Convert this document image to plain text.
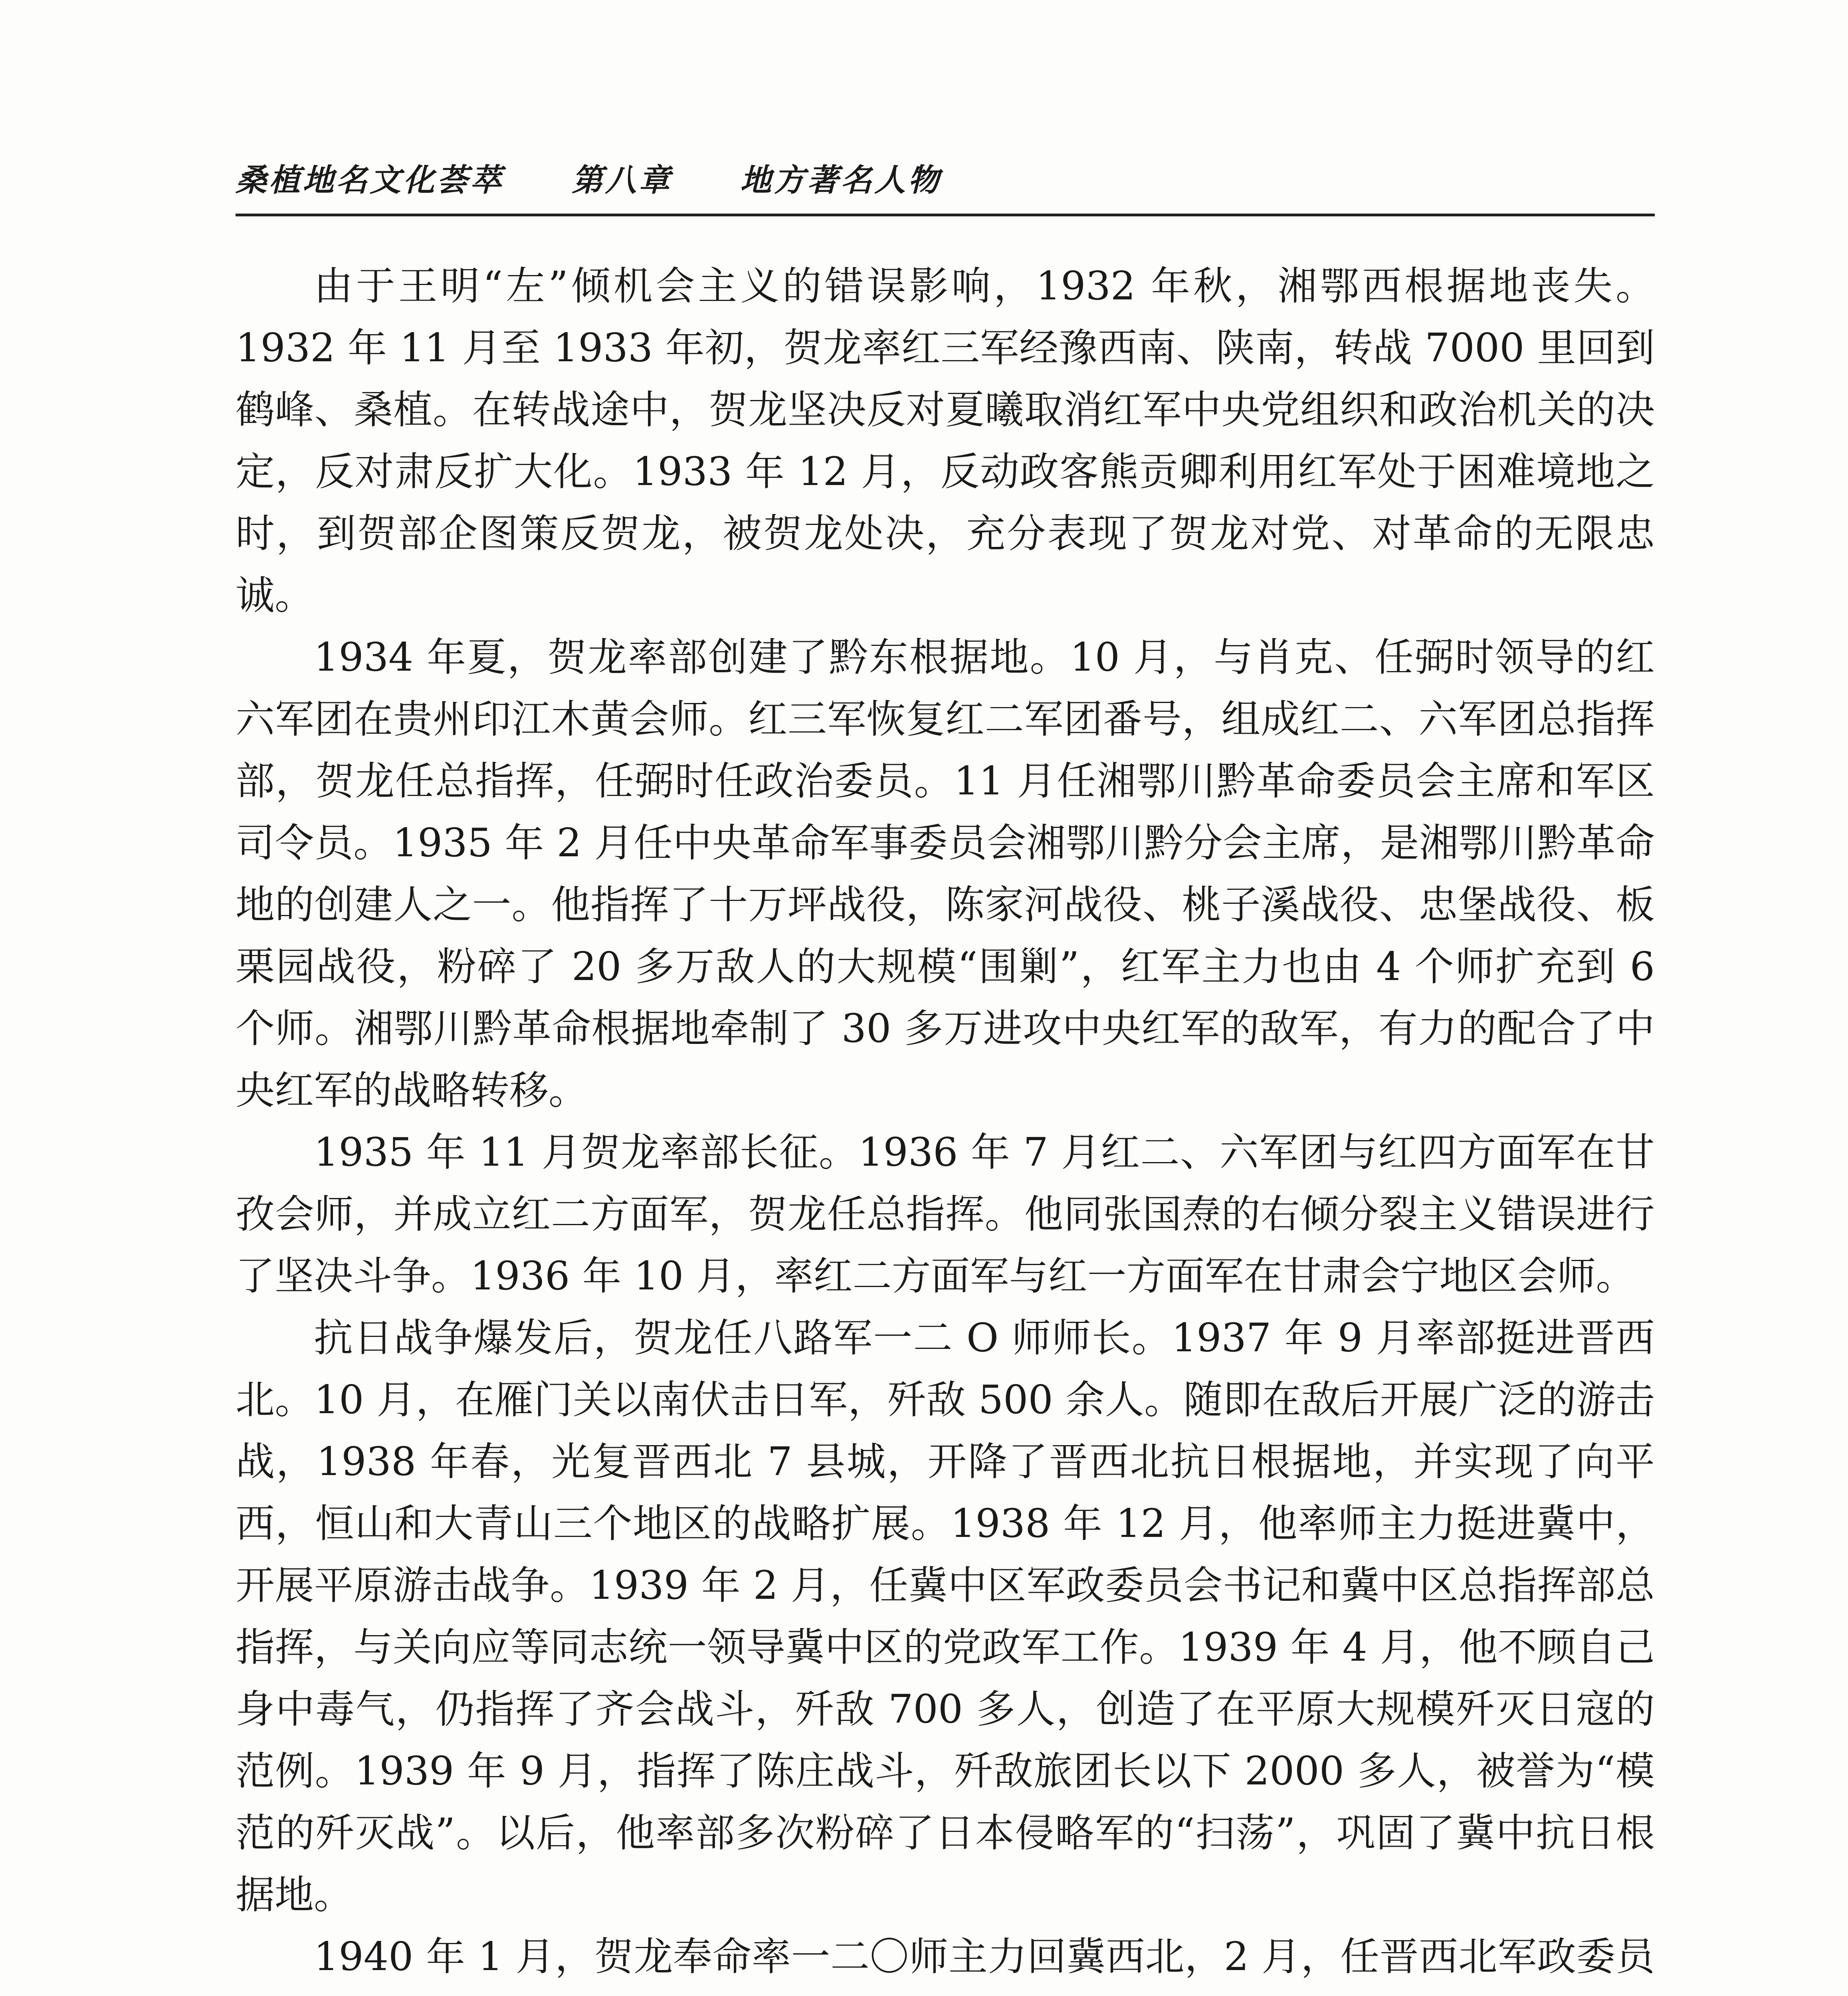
桑植地名文化荟萃 第八章 地方著名人物

由于王明“左”倾机会主义的错误影响，1932 年秋，湘鄂西根据地丧失。1932 年 11 月至 1933 年初，贺龙率红三军经豫西南、陕南，转战 7000 里回到鹤峰、桑植。在转战途中，贺龙坚决反对夏曦取消红军中央党组织和政治机关的决定，反对肃反扩大化。1933 年 12 月，反动政客熊贡卿利用红军处于困难境地之时，到贺部企图策反贺龙，被贺龙处决，充分表现了贺龙对党、对革命的无限忠诚。

1934 年夏，贺龙率部创建了黔东根据地。10 月，与肖克、任弼时领导的红六军团在贵州印江木黄会师。红三军恢复红二军团番号，组成红二、六军团总指挥部，贺龙任总指挥，任弼时任政治委员。11 月任湘鄂川黔革命委员会主席和军区司令员。1935 年 2 月任中央革命军事委员会湘鄂川黔分会主席，是湘鄂川黔革命地的创建人之一。他指挥了十万坪战役，陈家河战役、桃子溪战役、忠堡战役、板栗园战役，粉碎了 20 多万敌人的大规模“围剿”，红军主力也由 4 个师扩充到 6 个师。湘鄂川黔革命根据地牵制了 30 多万进攻中央红军的敌军，有力的配合了中央红军的战略转移。

1935 年 11 月贺龙率部长征。1936 年 7 月红二、六军团与红四方面军在甘孜会师，并成立红二方面军，贺龙任总指挥。他同张国焘的右倾分裂主义错误进行了坚决斗争。1936 年 10 月，率红二方面军与红一方面军在甘肃会宁地区会师。

抗日战争爆发后，贺龙任八路军一二 O 师师长。1937 年 9 月率部挺进晋西北。10 月，在雁门关以南伏击日军，歼敌 500 余人。随即在敌后开展广泛的游击战，1938 年春，光复晋西北 7 县城，开降了晋西北抗日根据地，并实现了向平西，恒山和大青山三个地区的战略扩展。1938 年 12 月，他率师主力挺进冀中，开展平原游击战争。1939 年 2 月，任冀中区军政委员会书记和冀中区总指挥部总指挥，与关向应等同志统一领导冀中区的党政军工作。1939 年 4 月，他不顾自己身中毒气，仍指挥了齐会战斗，歼敌 700 多人，创造了在平原大规模歼灭日寇的范例。1939 年 9 月，指挥了陈庄战斗，歼敌旅团长以下 2000 多人，被誉为“模范的歼灭战”。以后，他率部多次粉碎了日本侵略军的“扫荡”，巩固了冀中抗日根据地。

1940 年 1 月，贺龙奉命率一二〇师主力回冀西北，2 月，任晋西北军政委员
